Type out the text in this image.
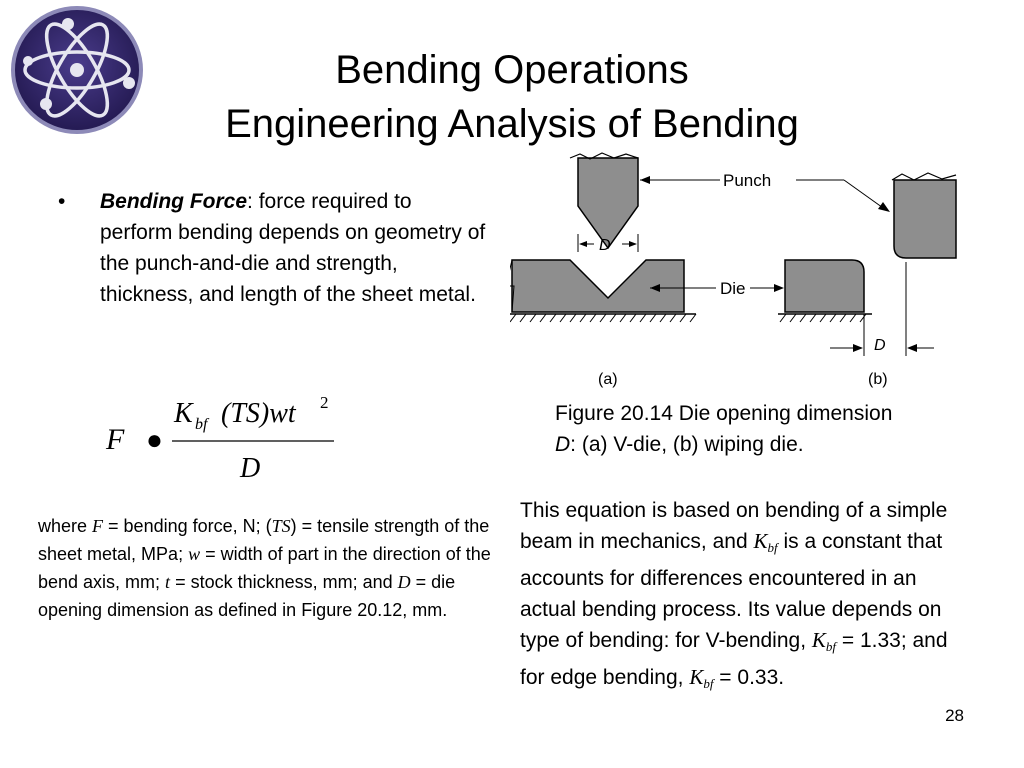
Bending Operations
Engineering Analysis of Bending
• Bending Force: force required to perform bending depends on geometry of the punch-and-die and strength, thickness, and length of the sheet metal.
F ●
K bf (TS)wt 2
D
Punch
Die
D
D
(a)	(b)
Figure 20.14 Die opening dimension
D: (a) V-die, (b) wiping die.
where F = bending force, N; (TS) = tensile strength of the sheet metal, MPa; w = width of part in the direction of the bend axis, mm; t = stock thickness, mm; and D = die opening dimension as defined in Figure 20.12, mm.
This equation is based on bending of a simple beam in mechanics, and $K_{bf}$ is a constant that accounts for differences encountered in an actual bending process. Its value depends on type of bending: for V-bending, $K_{bf} = 1.33$; and for edge bending, $K_{bf} = 0.33$.
28
